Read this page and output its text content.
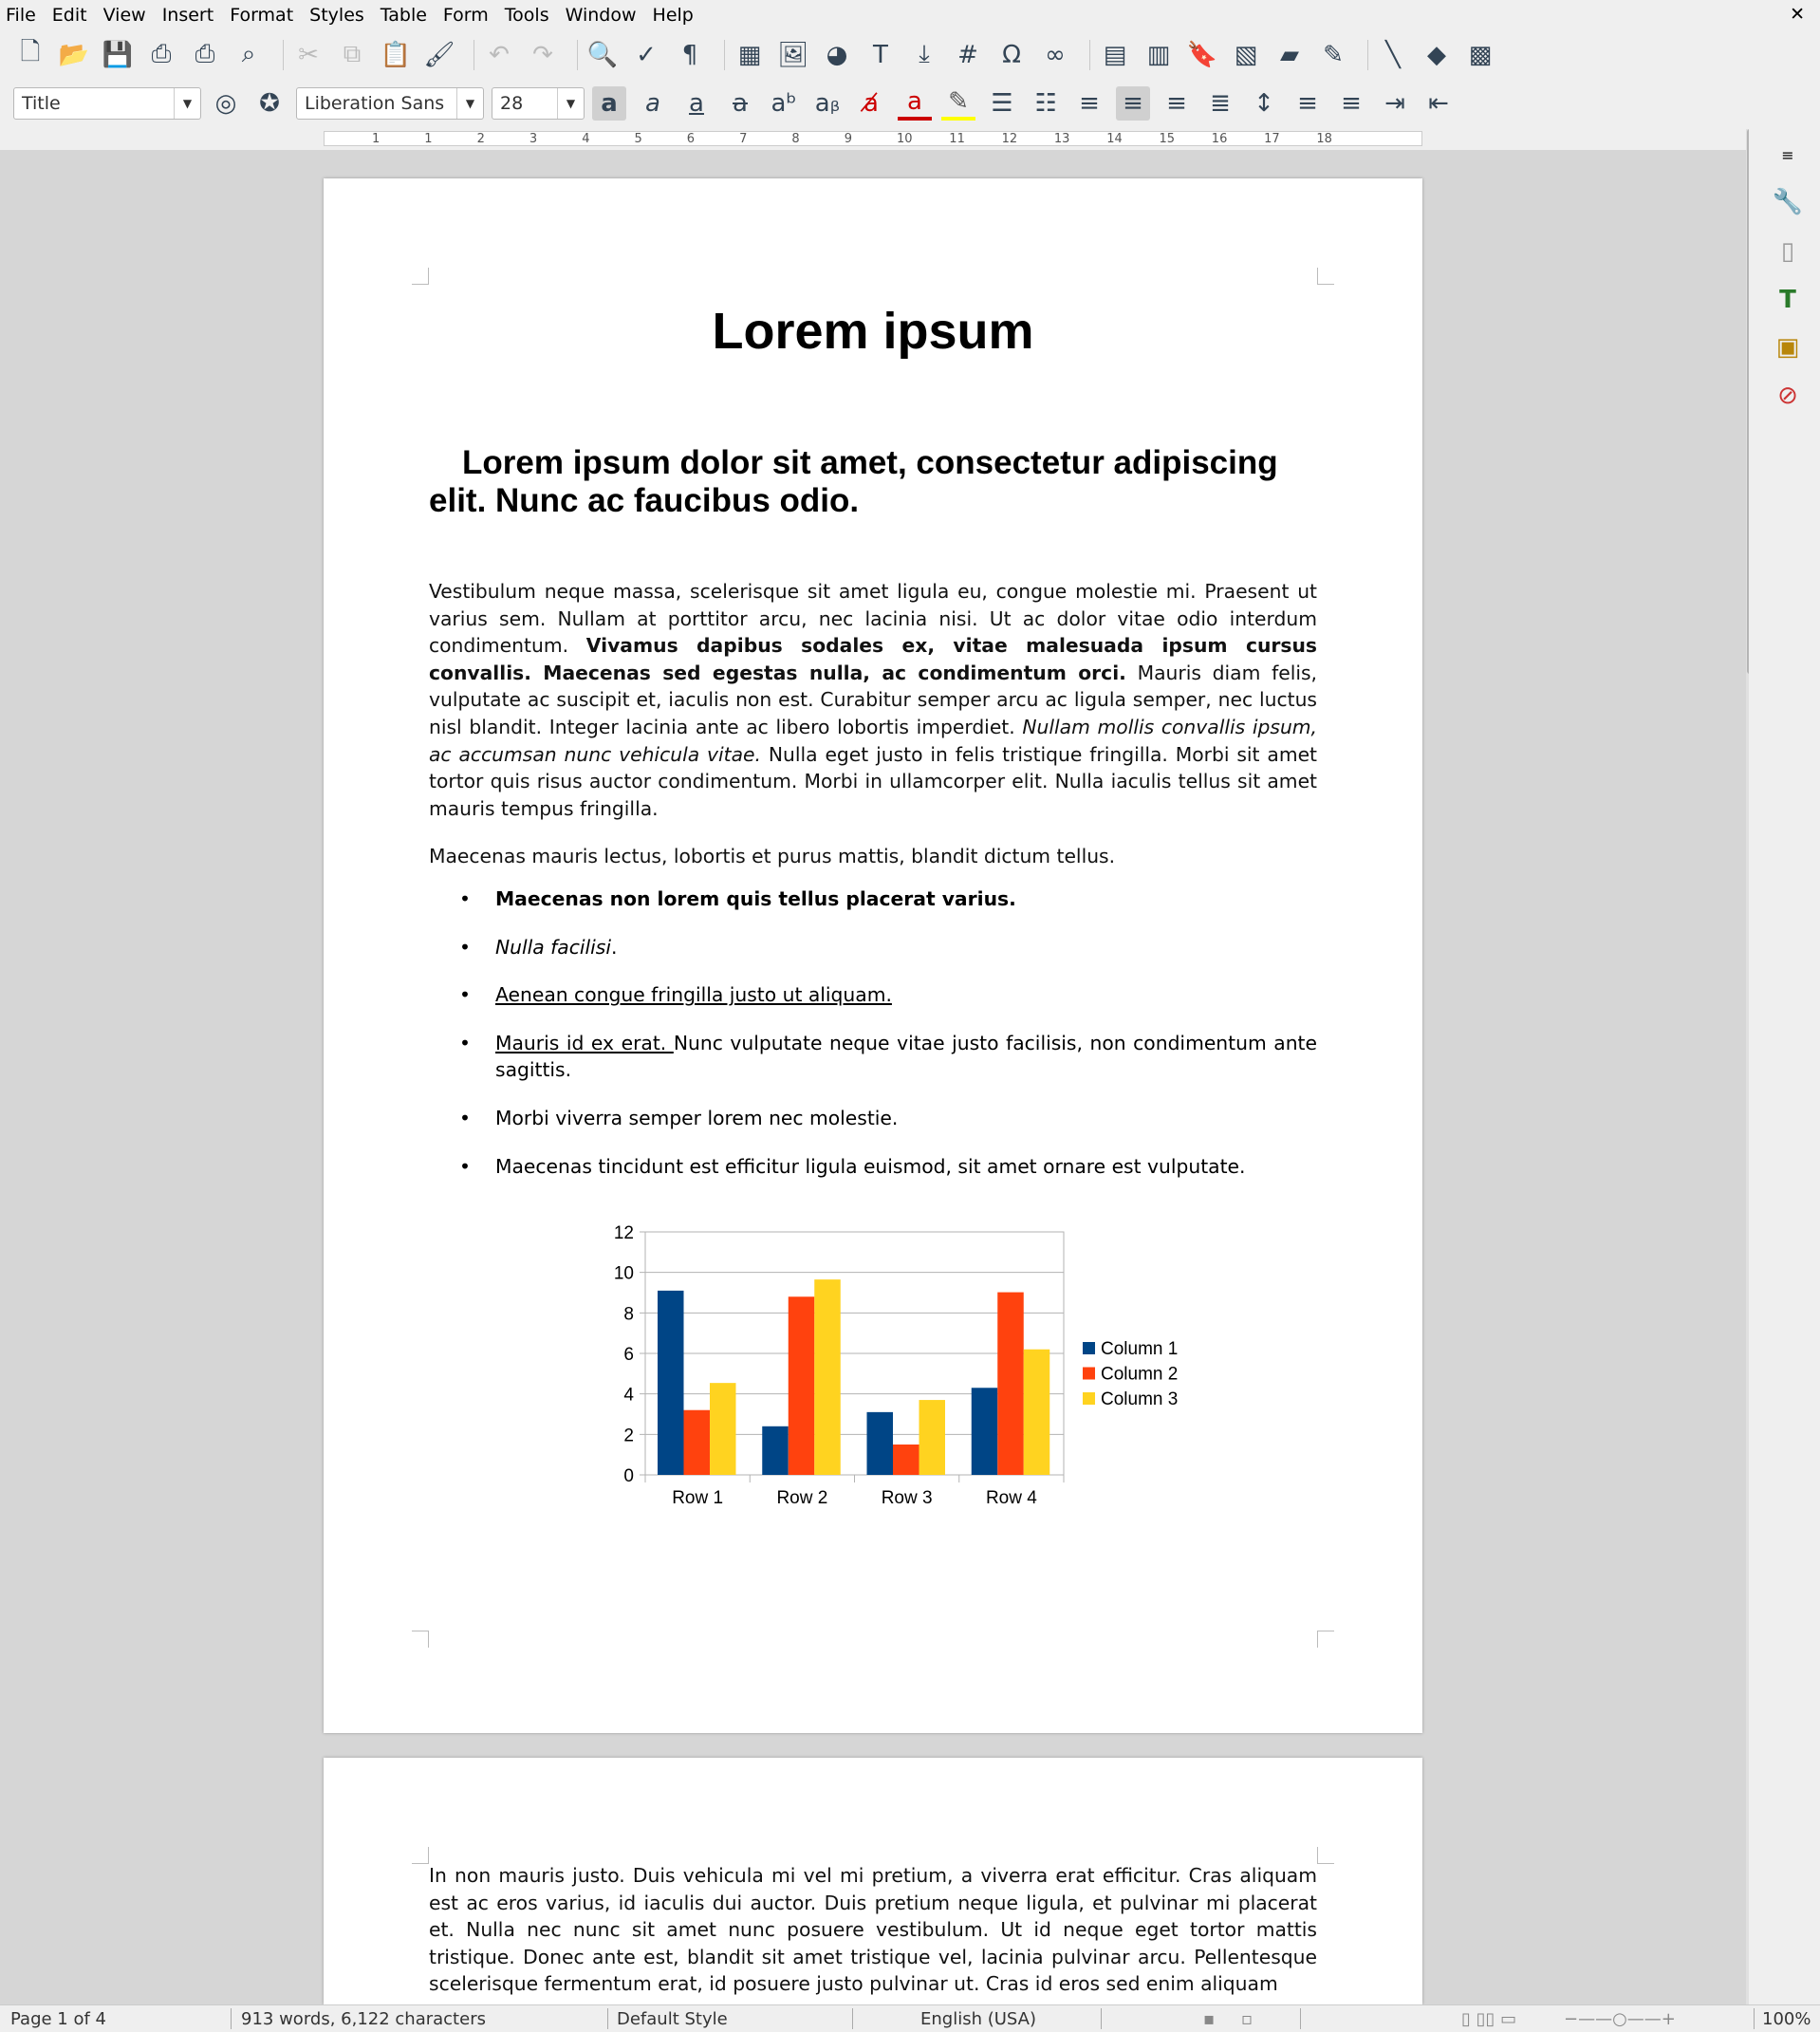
File Edit View Insert Format Styles Table Form Tools Window Help	✕
🗋 📂 💾 ⎙ ⎙	⌕	✂ ⧉ 📋 🖌 ↶ ↷ 🔍 ✓	¶	▦ 🖼 ◕	T	⤓	# Ω ∞ ▤ ▥ 🔖 ▧ ▰ ✎	╲	◆ ▩
Title	▼ ◎ ✪	Liberation Sans	▼	28	▼	a	a	a	a aᵇ aᵦ a̸	a	✎ ☰ ☷ ≡ ≡ ≡ ≣ ↕ ≡ ≡ ⇥ ⇤
1	1	2	3	4	5	6	7	8	9	10	11	12	13	14	15	16	17	18
Lorem ipsum
Lorem ipsum dolor sit amet, consectetur adipiscing elit. Nunc ac faucibus odio.
Vestibulum neque massa, scelerisque sit amet ligula eu, congue molestie mi. Praesent ut varius sem. Nullam at porttitor arcu, nec lacinia nisi. Ut ac dolor vitae odio interdum condimentum. Vivamus dapibus sodales ex, vitae malesuada ipsum cursus convallis. Maecenas sed egestas nulla, ac condimentum orci. Mauris diam felis, vulputate ac suscipit et, iaculis non est. Curabitur semper arcu ac ligula semper, nec luctus nisl blandit. Integer lacinia ante ac libero lobortis imperdiet. Nullam mollis convallis ipsum, ac accumsan nunc vehicula vitae. Nulla eget justo in felis tristique fringilla. Morbi sit amet tortor quis risus auctor condimentum. Morbi in ullamcorper elit. Nulla iaculis tellus sit amet mauris tempus fringilla.
Maecenas mauris lectus, lobortis et purus mattis, blandit dictum tellus.
• Maecenas non lorem quis tellus placerat varius.
• Nulla facilisi.
• Aenean congue fringilla justo ut aliquam.
• Mauris id ex erat. Nunc vulputate neque vitae justo facilisis, non condimentum ante sagittis.
• Morbi viverra semper lorem nec molestie.
• Maecenas tincidunt est efficitur ligula euismod, sit amet ornare est vulputate.
0
2
4
6
8
10
12
Row 1	Row 2	Row 3	Row 4
Column 1
Column 2
Column 3
In non mauris justo. Duis vehicula mi vel mi pretium, a viverra erat efficitur. Cras aliquam est ac eros varius, id iaculis dui auctor. Duis pretium neque ligula, et pulvinar mi placerat et. Nulla nec nunc sit amet nunc posuere vestibulum. Ut id neque eget tortor mattis tristique. Donec ante est, blandit sit amet tristique vel, lacinia pulvinar arcu. Pellentesque scelerisque fermentum erat, id posuere justo pulvinar ut. Cras id eros sed enim aliquam
≡
🔧
▯
T
▣
⊘
Page 1 of 4	913 words, 6,122 characters	Default Style	English (USA)	▪ ▫	▯ ▯▯ ▭	−——○——+	100%
